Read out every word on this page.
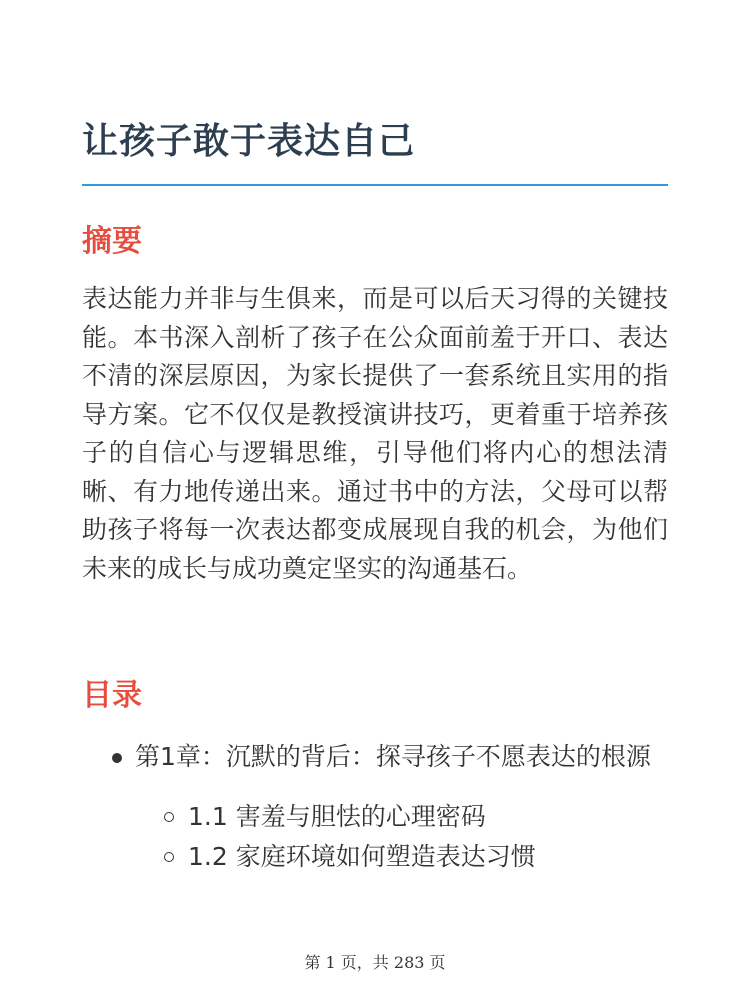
让孩子敢于表达自己
摘要

表达能力并非与生俱来，而是可以后天习得的关键技能。本书深入剖析了孩子在公众面前羞于开口、表达不清的深层原因，为家长提供了一套系统且实用的指导方案。它不仅仅是教授演讲技巧，更着重于培养孩子的自信心与逻辑思维，引导他们将内心的想法清晰、有力地传递出来。通过书中的方法，父母可以帮助孩子将每一次表达都变成展现自我的机会，为他们未来的成长与成功奠定坚实的沟通基石。

目录
第1章：沉默的背后：探寻孩子不愿表达的根源
1.1 害羞与胆怯的心理密码
1.2 家庭环境如何塑造表达习惯
第 1 页，共 283 页
